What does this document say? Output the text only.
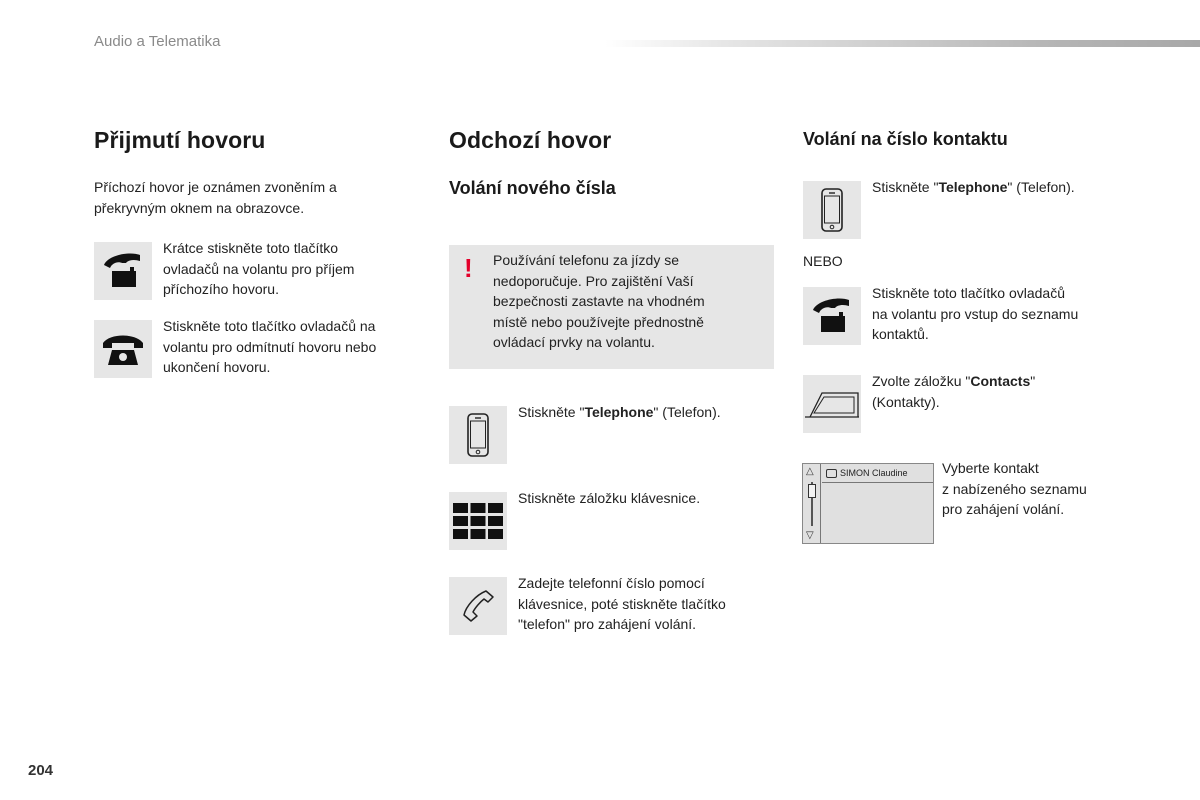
Audio a Telematika
Přijmutí hovoru
Příchozí hovor je oznámen zvoněním a
překryvným oknem na obrazovce.
Krátce stiskněte toto tlačítko
ovladačů na volantu pro příjem
příchozího hovoru.
Stiskněte toto tlačítko ovladačů na
volantu pro odmítnutí hovoru nebo
ukončení hovoru.
Odchozí hovor
Volání nového čísla
! Používání telefonu za jízdy se
nedoporučuje. Pro zajištění Vaší
bezpečnosti zastavte na vhodném
místě nebo používejte přednostně
ovládací prvky na volantu.
Stiskněte "Telephone" (Telefon).
Stiskněte záložku klávesnice.
Zadejte telefonní číslo pomocí
klávesnice, poté stiskněte tlačítko
"telefon" pro zahájení volání.
Volání na číslo kontaktu
Stiskněte "Telephone" (Telefon).
NEBO
Stiskněte toto tlačítko ovladačů
na volantu pro vstup do seznamu
kontaktů.
Zvolte záložku "Contacts"
(Kontakty).
△
▽
SIMON Claudine Vyberte kontakt
z nabízeného seznamu
pro zahájení volání.
204
